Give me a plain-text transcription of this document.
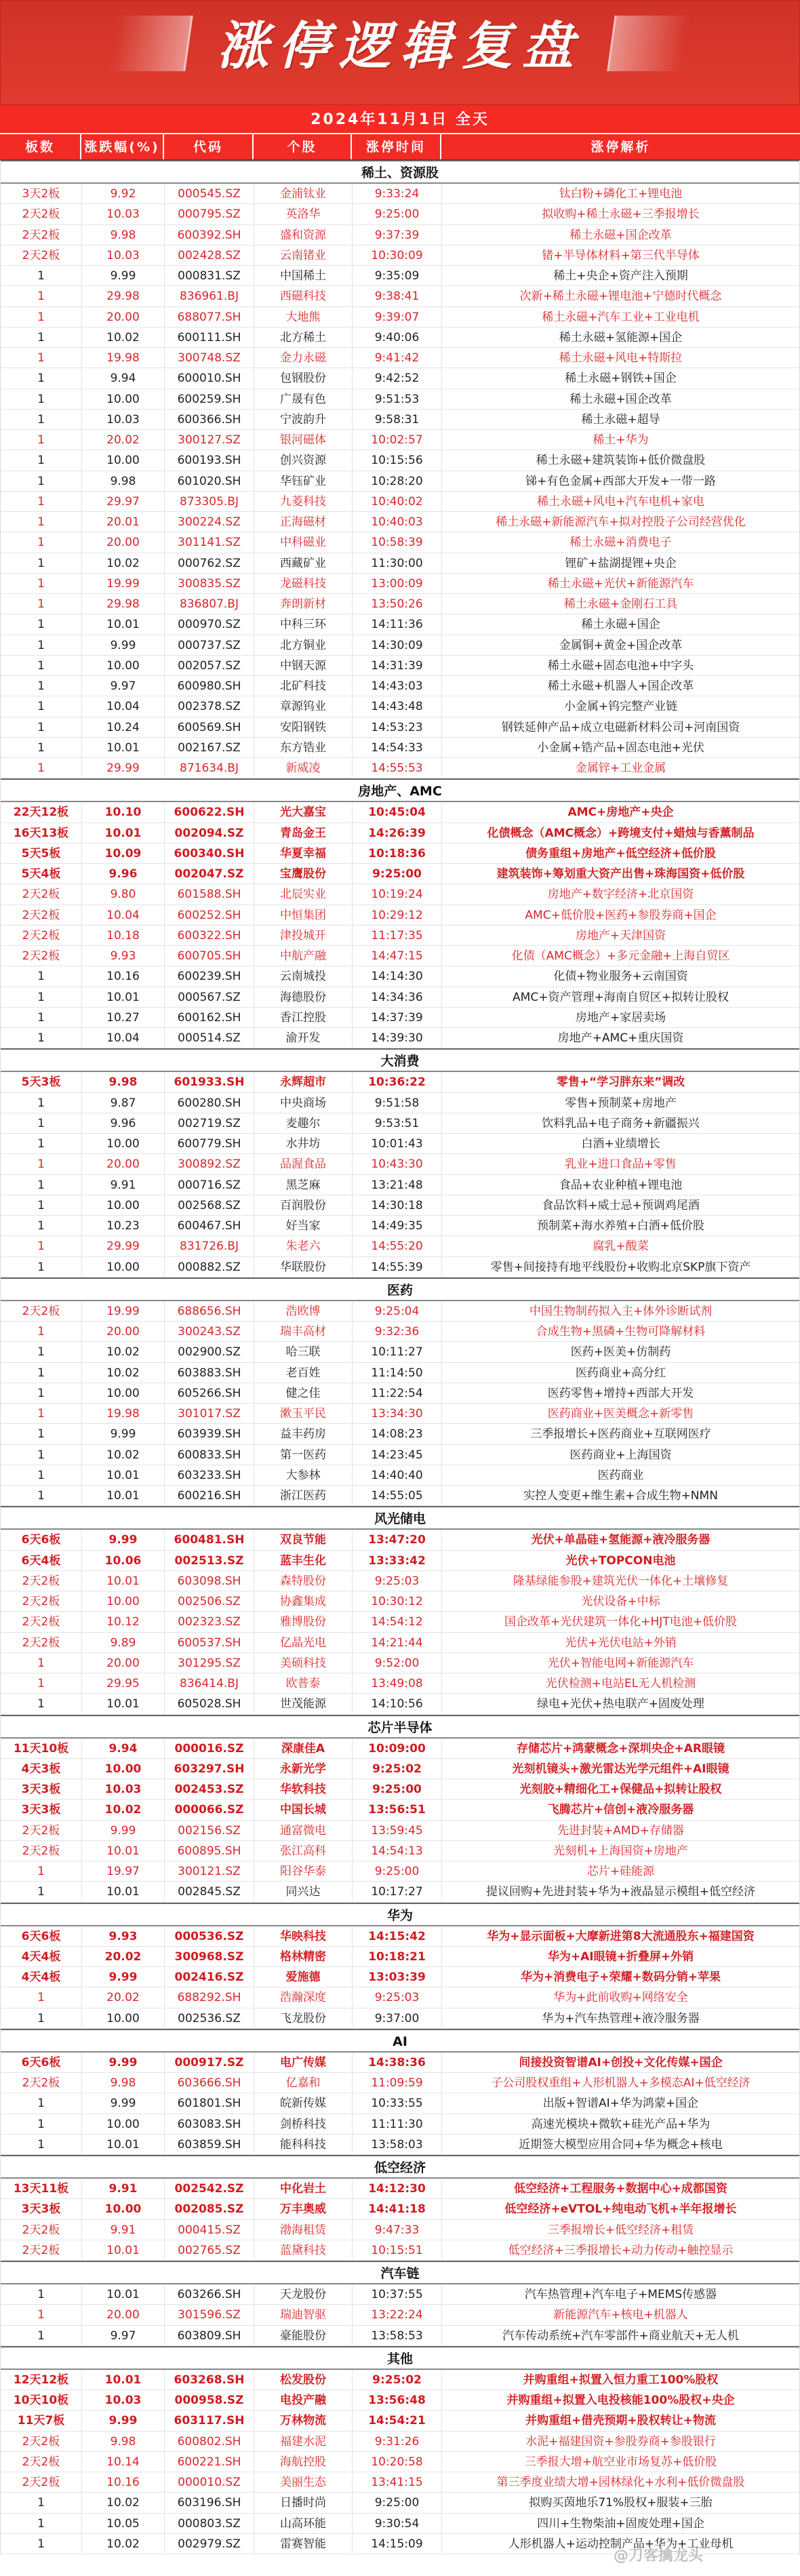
涨停逻辑复盘
2024年11月1日 全天
板数	涨跌幅(%)	代码	个股	涨停时间	涨停解析
稀土、资源股
3天2板	9.92	000545.SZ	金浦钛业	9:33:24	钛白粉+磷化工+锂电池
2天2板	10.03	000795.SZ	英洛华	9:25:00	拟收购+稀土永磁+三季报增长
2天2板	9.98	600392.SH	盛和资源	9:37:39	稀土永磁+国企改革
2天2板	10.03	002428.SZ	云南锗业	10:30:09	锗+半导体材料+第三代半导体
1	9.99	000831.SZ	中国稀土	9:35:09	稀土+央企+资产注入预期
1	29.98	836961.BJ	西磁科技	9:38:41	次新+稀土永磁+锂电池+宁德时代概念
1	20.00	688077.SH	大地熊	9:39:07	稀土永磁+汽车工业+工业电机
1	10.02	600111.SH	北方稀土	9:40:06	稀土永磁+氢能源+国企
1	19.98	300748.SZ	金力永磁	9:41:42	稀土永磁+风电+特斯拉
1	9.94	600010.SH	包钢股份	9:42:52	稀土永磁+钢铁+国企
1	10.00	600259.SH	广晟有色	9:51:53	稀土永磁+国企改革
1	10.03	600366.SH	宁波韵升	9:58:31	稀土永磁+超导
1	20.02	300127.SZ	银河磁体	10:02:57	稀土+华为
1	10.00	600193.SH	创兴资源	10:15:56	稀土永磁+建筑装饰+低价微盘股
1	9.98	601020.SH	华钰矿业	10:28:20	锑+有色金属+西部大开发+一带一路
1	29.97	873305.BJ	九菱科技	10:40:02	稀土永磁+风电+汽车电机+家电
1	20.01	300224.SZ	正海磁材	10:40:03	稀土永磁+新能源汽车+拟对控股子公司经营优化
1	20.00	301141.SZ	中科磁业	10:58:39	稀土永磁+消费电子
1	10.02	000762.SZ	西藏矿业	11:30:00	锂矿+盐湖提锂+央企
1	19.99	300835.SZ	龙磁科技	13:00:09	稀土永磁+光伏+新能源汽车
1	29.98	836807.BJ	奔朗新材	13:50:26	稀土永磁+金刚石工具
1	10.01	000970.SZ	中科三环	14:11:36	稀土永磁+国企
1	9.99	000737.SZ	北方铜业	14:30:09	金属铜+黄金+国企改革
1	10.00	002057.SZ	中钢天源	14:31:39	稀土永磁+固态电池+中字头
1	9.97	600980.SH	北矿科技	14:43:03	稀土永磁+机器人+国企改革
1	10.04	002378.SZ	章源钨业	14:43:48	小金属+钨完整产业链
1	10.24	600569.SH	安阳钢铁	14:53:23	钢铁延伸产品+成立电磁新材料公司+河南国资
1	10.01	002167.SZ	东方锆业	14:54:33	小金属+锆产品+固态电池+光伏
1	29.99	871634.BJ	新威凌	14:55:53	金属锌+工业金属
房地产、AMC
22天12板	10.10	600622.SH	光大嘉宝	10:45:04	AMC+房地产+央企
16天13板	10.01	002094.SZ	青岛金王	14:26:39	化债概念（AMC概念）+跨境支付+蜡烛与香薰制品
5天5板	10.09	600340.SH	华夏幸福	10:18:36	债务重组+房地产+低空经济+低价股
5天4板	9.96	002047.SZ	宝鹰股份	9:25:00	建筑装饰+筹划重大资产出售+珠海国资+低价股
2天2板	9.80	601588.SH	北辰实业	10:19:24	房地产+数字经济+北京国资
2天2板	10.04	600252.SH	中恒集团	10:29:12	AMC+低价股+医药+参股券商+国企
2天2板	10.18	600322.SH	津投城开	11:17:35	房地产+天津国资
2天2板	9.93	600705.SH	中航产融	14:47:15	化债（AMC概念）+多元金融+上海自贸区
1	10.16	600239.SH	云南城投	14:14:30	化债+物业服务+云南国资
1	10.01	000567.SZ	海德股份	14:34:36	AMC+资产管理+海南自贸区+拟转让股权
1	10.27	600162.SH	香江控股	14:37:39	房地产+家居卖场
1	10.04	000514.SZ	渝开发	14:39:30	房地产+AMC+重庆国资
大消费
5天3板	9.98	601933.SH	永辉超市	10:36:22	零售+“学习胖东来”调改
1	9.87	600280.SH	中央商场	9:51:58	零售+预制菜+房地产
1	9.96	002719.SZ	麦趣尔	9:53:51	饮料乳品+电子商务+新疆振兴
1	10.00	600779.SH	水井坊	10:01:43	白酒+业绩增长
1	20.00	300892.SZ	品渥食品	10:43:30	乳业+进口食品+零售
1	9.91	000716.SZ	黑芝麻	13:21:48	食品+农业种植+锂电池
1	10.00	002568.SZ	百润股份	14:30:18	食品饮料+威士忌+预调鸡尾酒
1	10.23	600467.SH	好当家	14:49:35	预制菜+海水养殖+白酒+低价股
1	29.99	831726.BJ	朱老六	14:55:20	腐乳+酸菜
1	10.00	000882.SZ	华联股份	14:55:39	零售+间接持有地平线股份+收购北京SKP旗下资产
医药
2天2板	19.99	688656.SH	浩欧博	9:25:04	中国生物制药拟入主+体外诊断试剂
1	20.00	300243.SZ	瑞丰高材	9:32:36	合成生物+黑磷+生物可降解材料
1	10.02	002900.SZ	哈三联	10:11:27	医药+医美+仿制药
1	10.02	603883.SH	老百姓	11:14:50	医药商业+高分红
1	10.00	605266.SH	健之佳	11:22:54	医药零售+增持+西部大开发
1	19.98	301017.SZ	漱玉平民	13:34:30	医药商业+医美概念+新零售
1	9.99	603939.SH	益丰药房	14:08:23	三季报增长+医药商业+互联网医疗
1	10.02	600833.SH	第一医药	14:23:45	医药商业+上海国资
1	10.01	603233.SH	大参林	14:40:40	医药商业
1	10.01	600216.SH	浙江医药	14:55:05	实控人变更+维生素+合成生物+NMN
风光储电
6天6板	9.99	600481.SH	双良节能	13:47:20	光伏+单晶硅+氢能源+液冷服务器
6天4板	10.06	002513.SZ	蓝丰生化	13:33:42	光伏+TOPCON电池
2天2板	10.01	603098.SH	森特股份	9:25:03	隆基绿能参股+建筑光伏一体化+土壤修复
2天2板	10.00	002506.SZ	协鑫集成	10:30:12	光伏设备+中标
2天2板	10.12	002323.SZ	雅博股份	14:54:12	国企改革+光伏建筑一体化+HJT电池+低价股
2天2板	9.89	600537.SH	亿晶光电	14:21:44	光伏+光伏电站+外销
1	20.00	301295.SZ	美硕科技	9:52:00	光伏+智能电网+新能源汽车
1	29.95	836414.BJ	欧普泰	13:49:08	光伏检测+电站EL无人机检测
1	10.01	605028.SH	世茂能源	14:10:56	绿电+光伏+热电联产+固废处理
芯片半导体
11天10板	9.94	000016.SZ	深康佳A	10:09:00	存储芯片+鸿蒙概念+深圳央企+AR眼镜
4天3板	10.00	603297.SH	永新光学	9:25:02	光刻机镜头+激光雷达光学元组件+AI眼镜
3天3板	10.03	002453.SZ	华软科技	9:25:00	光刻胶+精细化工+保健品+拟转让股权
3天3板	10.02	000066.SZ	中国长城	13:56:51	飞腾芯片+信创+液冷服务器
2天2板	9.99	002156.SZ	通富微电	13:59:45	先进封装+AMD+存储器
2天2板	10.01	600895.SH	张江高科	14:54:13	光刻机+上海国资+房地产
1	19.97	300121.SZ	阳谷华泰	9:25:00	芯片+硅能源
1	10.01	002845.SZ	同兴达	10:17:27	提议回购+先进封装+华为+液晶显示模组+低空经济
华为
6天6板	9.93	000536.SZ	华映科技	14:15:42	华为+显示面板+大摩新进第8大流通股东+福建国资
4天4板	20.02	300968.SZ	格林精密	10:18:21	华为+AI眼镜+折叠屏+外销
4天4板	9.99	002416.SZ	爱施德	13:03:39	华为+消费电子+荣耀+数码分销+苹果
1	20.02	688292.SH	浩瀚深度	9:25:03	华为+此前收购+网络安全
1	10.00	002536.SZ	飞龙股份	9:37:00	华为+汽车热管理+液冷服务器
AI
6天6板	9.99	000917.SZ	电广传媒	14:38:36	间接投资智谱AI+创投+文化传媒+国企
2天2板	9.98	603666.SH	亿嘉和	11:09:59	子公司股权重组+人形机器人+多模态AI+低空经济
1	9.99	601801.SH	皖新传媒	10:33:55	出版+智谱AI+华为鸿蒙+国企
1	10.00	603083.SH	剑桥科技	11:11:30	高速光模块+微软+硅光产品+华为
1	10.01	603859.SH	能科科技	13:58:03	近期签大模型应用合同+华为概念+核电
低空经济
13天11板	9.91	002542.SZ	中化岩土	14:12:30	低空经济+工程服务+数据中心+成都国资
3天3板	10.00	002085.SZ	万丰奥威	14:41:18	低空经济+eVTOL+纯电动飞机+半年报增长
2天2板	9.91	000415.SZ	渤海租赁	9:47:33	三季报增长+低空经济+租赁
2天2板	10.01	002765.SZ	蓝黛科技	10:15:51	低空经济+三季报增长+动力传动+触控显示
汽车链
1	10.01	603266.SH	天龙股份	10:37:55	汽车热管理+汽车电子+MEMS传感器
1	20.00	301596.SZ	瑞迪智驱	13:22:24	新能源汽车+核电+机器人
1	9.97	603809.SH	豪能股份	13:58:53	汽车传动系统+汽车零部件+商业航天+无人机
其他
12天12板	10.01	603268.SH	松发股份	9:25:02	并购重组+拟置入恒力重工100%股权
10天10板	10.03	000958.SZ	电投产融	13:56:48	并购重组+拟置入电投核能100%股权+央企
11天7板	9.99	603117.SH	万林物流	14:54:21	并购重组+借壳预期+股权转让+物流
2天2板	9.98	600802.SH	福建水泥	9:31:26	水泥+福建国资+参股券商+参股银行
2天2板	10.14	600221.SH	海航控股	10:20:58	三季报大增+航空业市场复苏+低价股
2天2板	10.16	000010.SZ	美丽生态	13:41:15	第三季度业绩大增+园林绿化+水利+低价微盘股
1	10.02	603196.SH	日播时尚	9:25:00	拟购买茵地乐71%股权+服装+三胎
1	10.05	000803.SZ	山高环能	9:30:54	四川+生物柴油+固废处理+国企
1	10.02	002979.SZ	雷赛智能	14:15:09	人形机器人+运动控制产品+华为+工业母机
@刀客擒龙头
